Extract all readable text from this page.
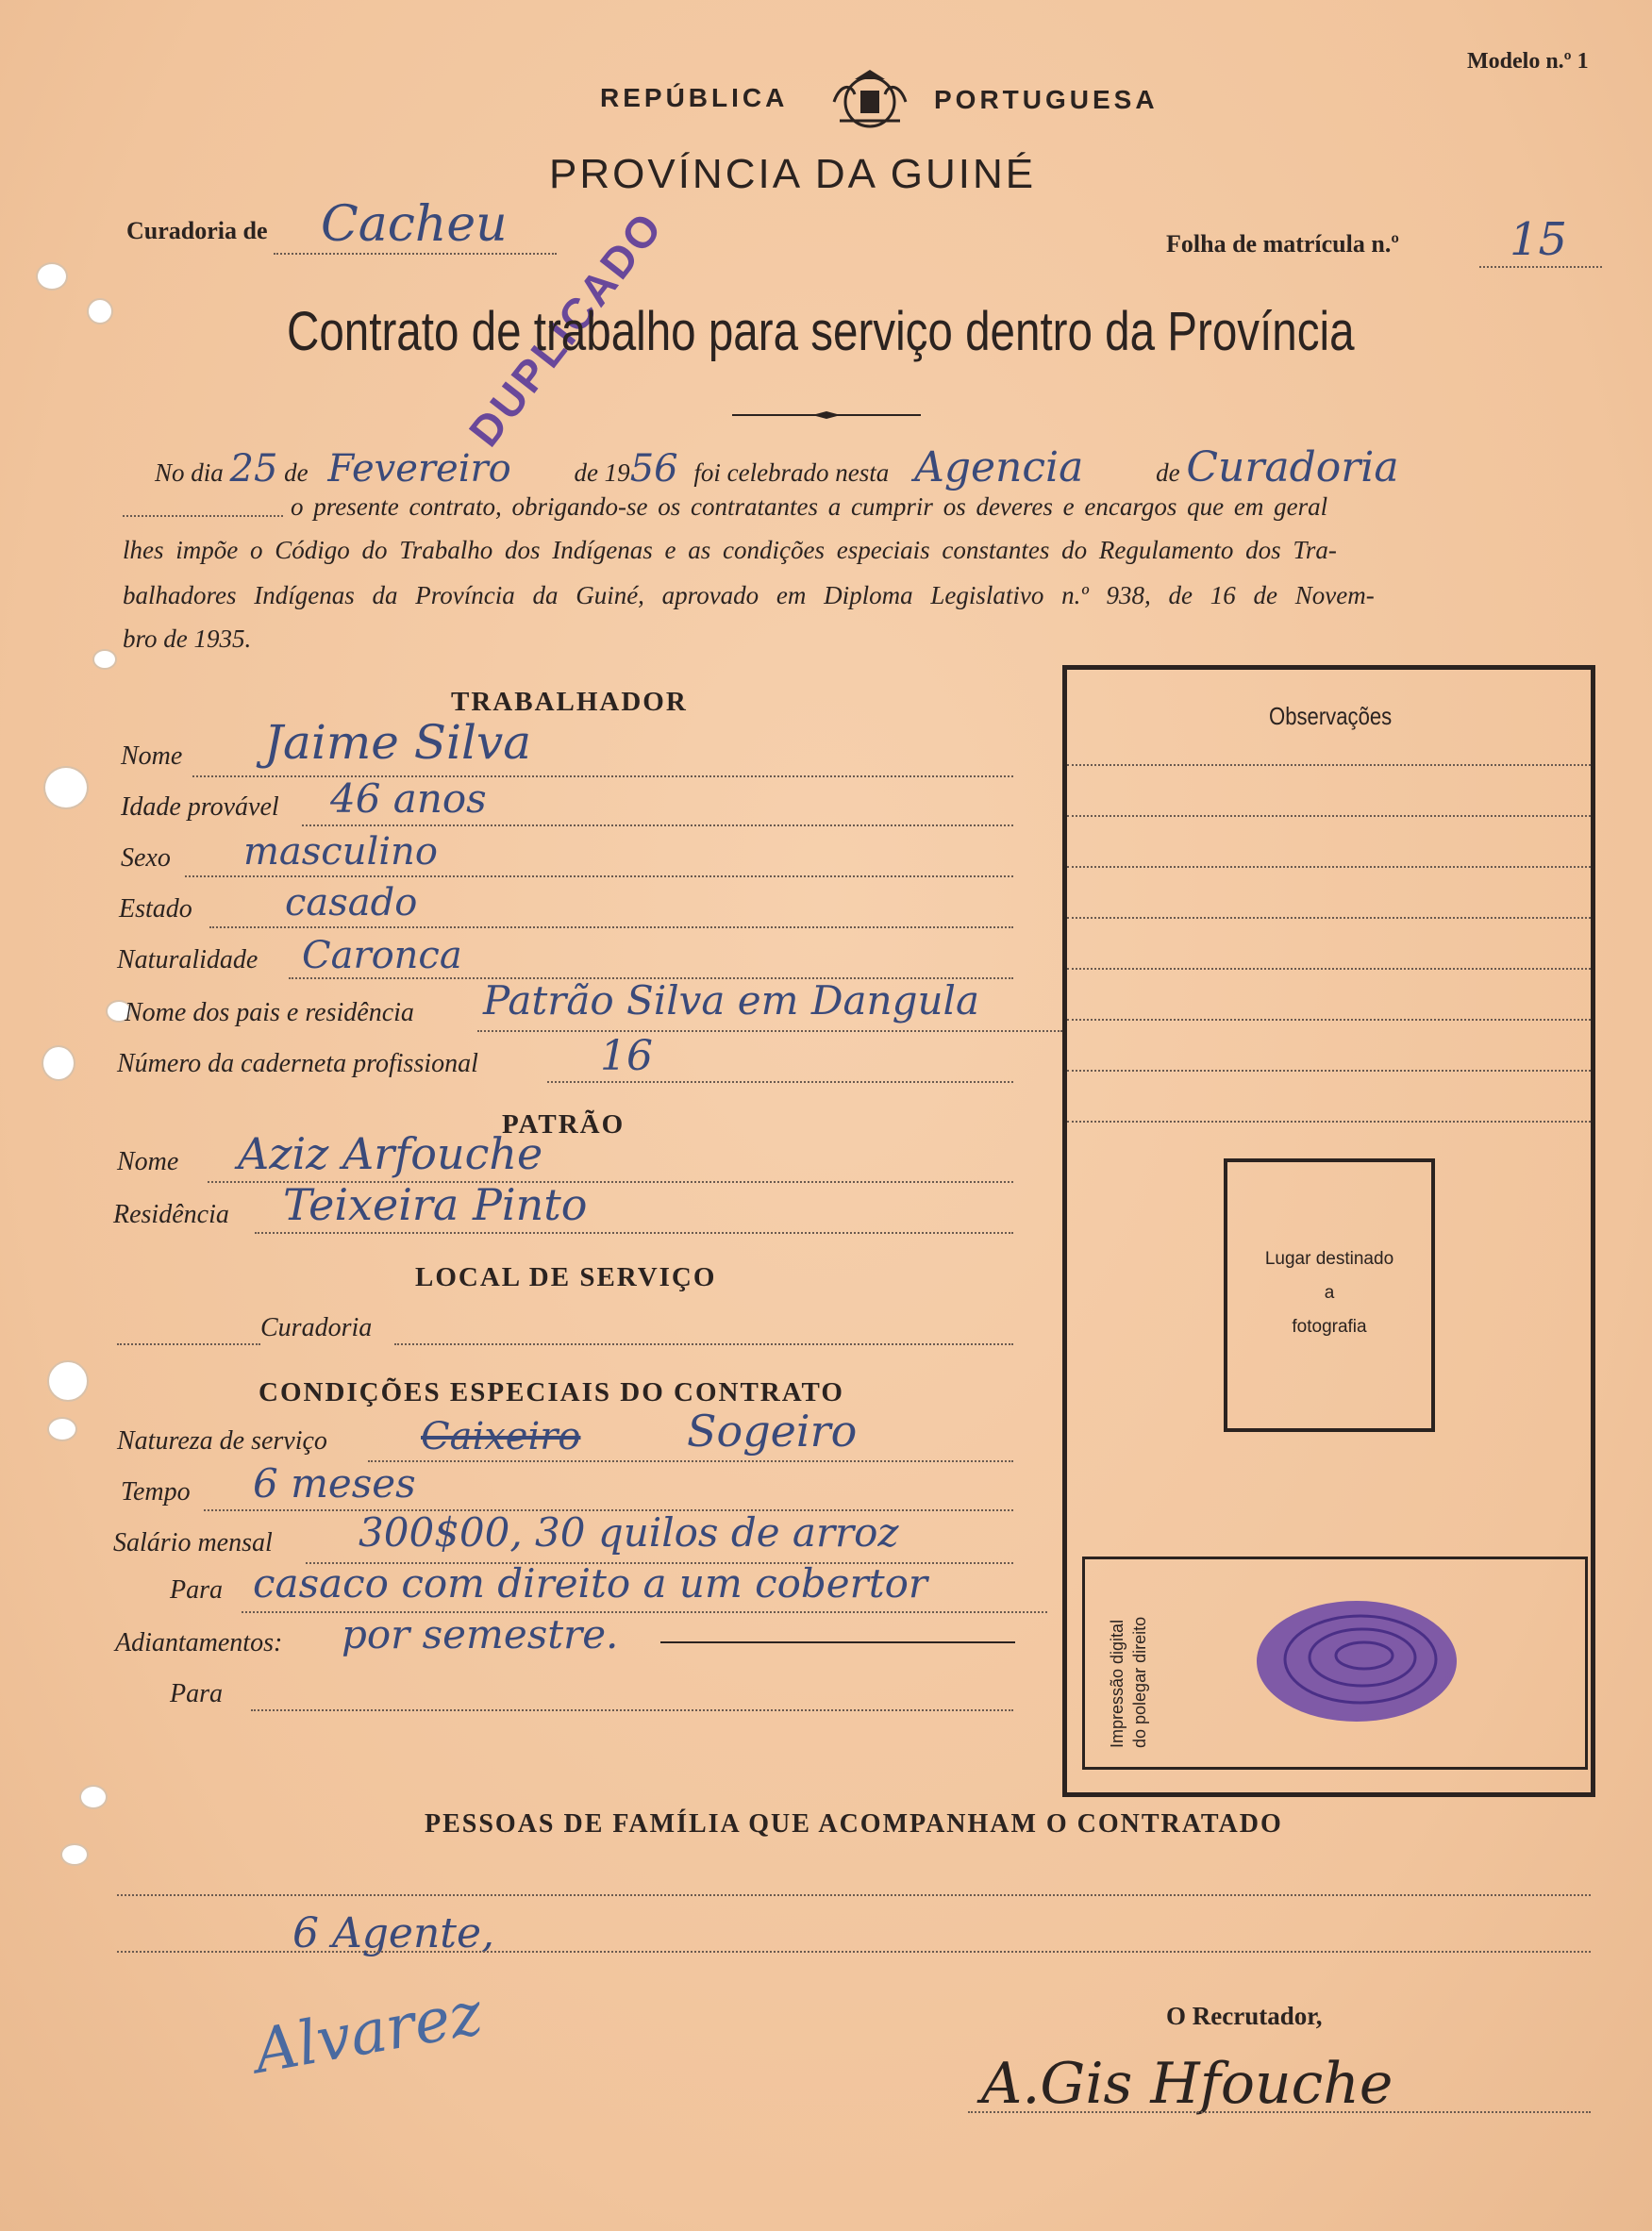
Modelo n.º 1
REPÚBLICA	PORTUGUESA
PROVÍNCIA DA GUINÉ
DUPLICADO
Curadoria de Cacheu	Folha de matrícula n.º 15
Contrato de trabalho para serviço dentro da Província
No dia 25 de Fevereiro de 1956 foi celebrado nesta Agencia	de Curadoria
o presente contrato, obrigando-se os contratantes a cumprir os deveres e encargos que em geral
lhes impõe o Código do Trabalho dos Indígenas e as condições especiais constantes do Regulamento dos Tra-
balhadores Indígenas da Província da Guiné, aprovado em Diploma Legislativo n.º 938, de 16 de Novem-
bro de 1935.
TRABALHADOR
Nome Jaime Silva
Idade provável 46 anos
Sexo masculino
Estado casado
Naturalidade Caronca
Nome dos pais e residência Patrão Silva em Dangula
Número da caderneta profissional	16
PATRÃO
Nome Aziz Arfouche
Residência Teixeira Pinto
LOCAL DE SERVIÇO
Curadoria
CONDIÇÕES ESPECIAIS DO CONTRATO
Natureza de serviço Caixeiro Sogeiro
Tempo 6 meses
Salário mensal 300$00, 30 quilos de arroz
Para casaco com direito a um cobertor
Adiantamentos: por semestre.
Para
Observações
Lugar destinado
a
fotografia
Impressão digital do polegar direito
PESSOAS DE FAMÍLIA QUE ACOMPANHAM O CONTRATADO
6 Agente,
O Recrutador,
Alvarez	A.Gis Hfouche
